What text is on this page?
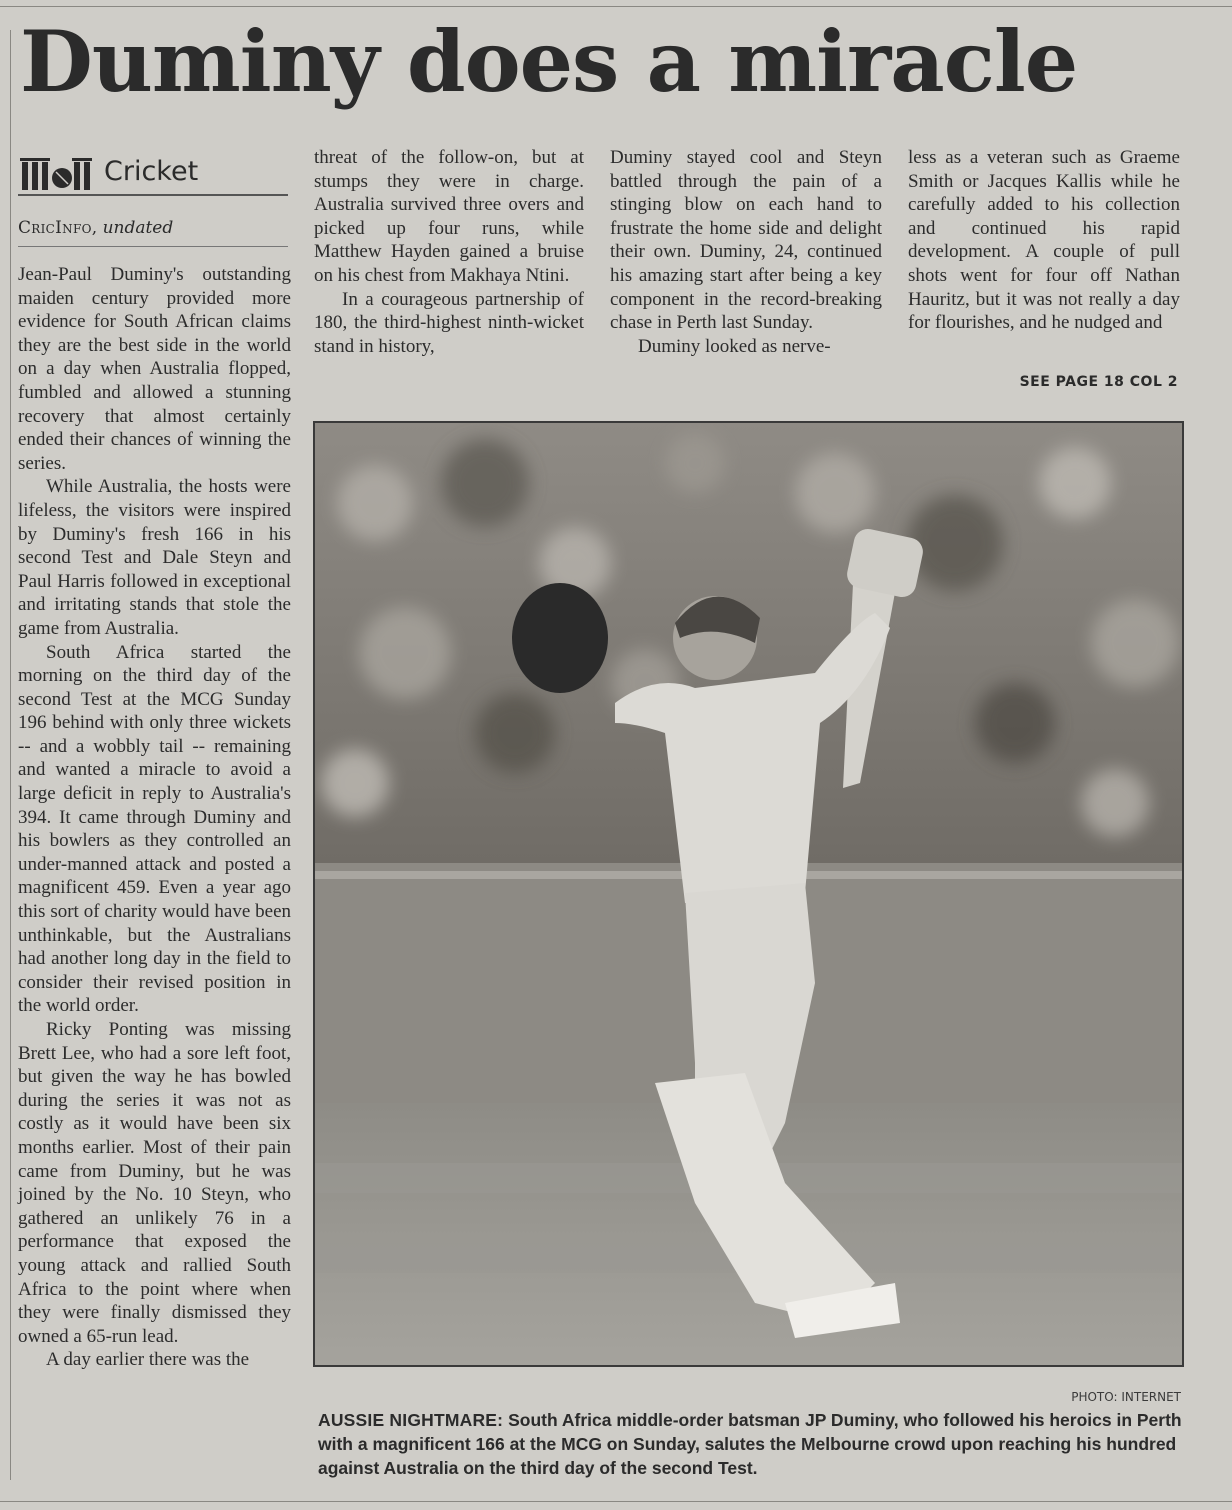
Duminy does a miracle
Cricket
CricInfo, undated

Jean-Paul Duminy's outstanding maiden century provided more evidence for South African claims they are the best side in the world on a day when Australia flopped, fumbled and allowed a stunning recovery that almost certainly ended their chances of winning the series.

While Australia, the hosts were lifeless, the visitors were inspired by Duminy's fresh 166 in his second Test and Dale Steyn and Paul Harris followed in exceptional and irritating stands that stole the game from Australia.

South Africa started the morning on the third day of the second Test at the MCG Sunday 196 behind with only three wickets -- and a wobbly tail -- remaining and wanted a miracle to avoid a large deficit in reply to Australia's 394. It came through Duminy and his bowlers as they controlled an under-manned attack and posted a magnificent 459. Even a year ago this sort of charity would have been unthinkable, but the Australians had another long day in the field to consider their revised position in the world order.

Ricky Ponting was missing Brett Lee, who had a sore left foot, but given the way he has bowled during the series it was not as costly as it would have been six months earlier. Most of their pain came from Duminy, but he was joined by the No. 10 Steyn, who gathered an unlikely 76 in a performance that exposed the young attack and rallied South Africa to the point where when they were finally dismissed they owned a 65-run lead.

A day earlier there was the

threat of the follow-on, but at stumps they were in charge. Australia survived three overs and picked up four runs, while Matthew Hayden gained a bruise on his chest from Makhaya Ntini.

In a courageous partnership of 180, the third-highest ninth-wicket stand in history,

Duminy stayed cool and Steyn battled through the pain of a stinging blow on each hand to frustrate the home side and delight their own. Duminy, 24, continued his amazing start after being a key component in the record-breaking chase in Perth last Sunday.

Duminy looked as nerve-

less as a veteran such as Graeme Smith or Jacques Kallis while he carefully added to his collection and continued his rapid development. A couple of pull shots went for four off Nathan Hauritz, but it was not really a day for flourishes, and he nudged and

SEE PAGE 18 COL 2
PHOTO: INTERNET
AUSSIE NIGHTMARE: South Africa middle-order batsman JP Duminy, who followed his heroics in Perth with a magnificent 166 at the MCG on Sunday, salutes the Melbourne crowd upon reaching his hundred against Australia on the third day of the second Test.
